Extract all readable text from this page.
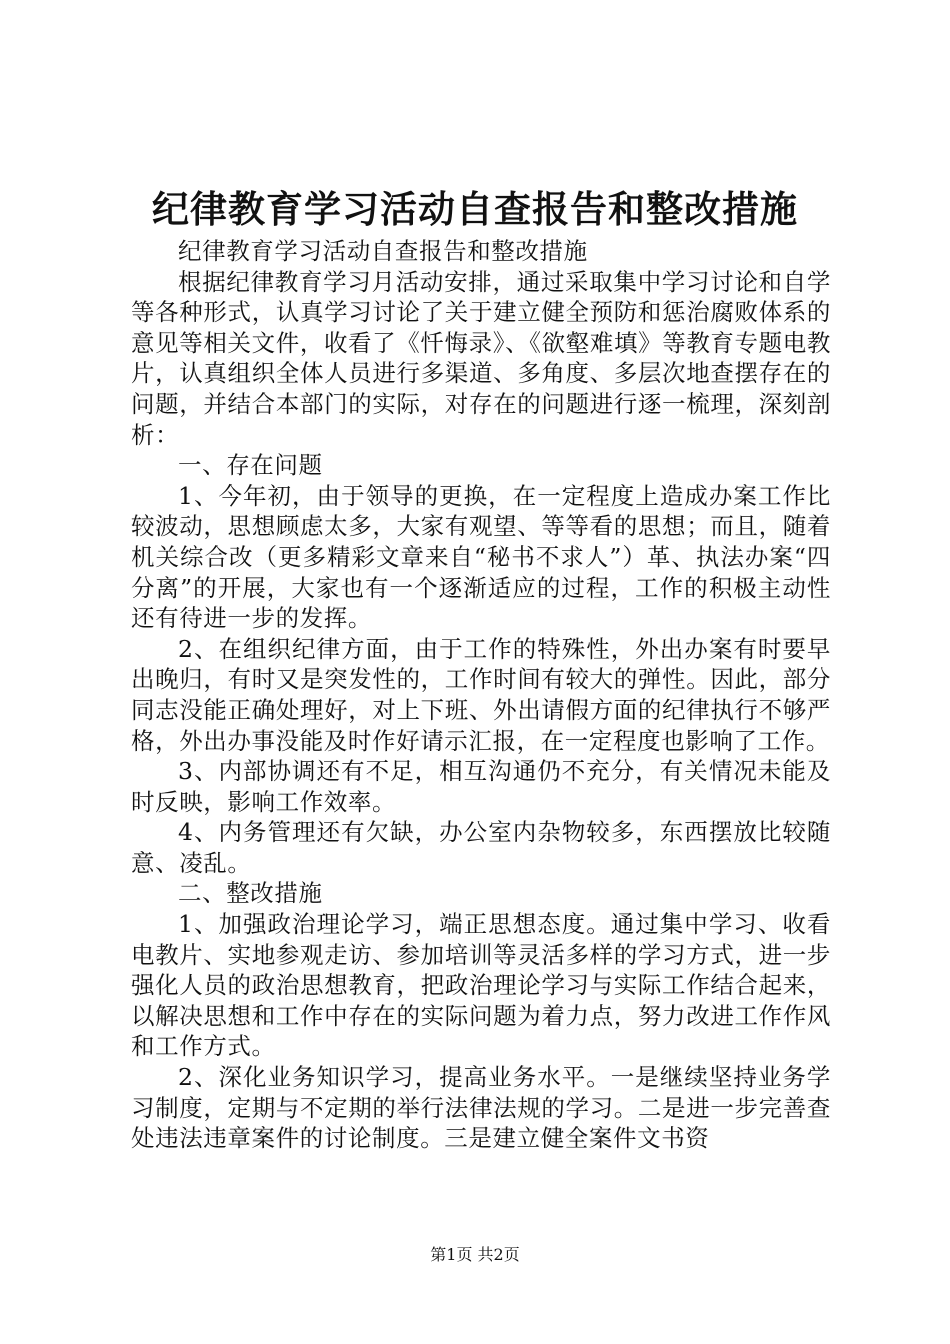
纪律教育学习活动自查报告和整改措施

纪律教育学习活动自查报告和整改措施

根据纪律教育学习月活动安排，通过采取集中学习讨论和自学等各种形式，认真学习讨论了关于建立健全预防和惩治腐败体系的意见等相关文件，收看了《忏悔录》、《欲壑难填》等教育专题电教片，认真组织全体人员进行多渠道、多角度、多层次地查摆存在的问题，并结合本部门的实际，对存在的问题进行逐一梳理，深刻剖析：

一、存在问题

1、今年初，由于领导的更换，在一定程度上造成办案工作比较波动，思想顾虑太多，大家有观望、等等看的思想；而且，随着机关综合改（更多精彩文章来自“秘书不求人”）革、执法办案“四分离”的开展，大家也有一个逐渐适应的过程，工作的积极主动性还有待进一步的发挥。

2、在组织纪律方面，由于工作的特殊性，外出办案有时要早出晚归，有时又是突发性的，工作时间有较大的弹性。因此，部分同志没能正确处理好，对上下班、外出请假方面的纪律执行不够严格，外出办事没能及时作好请示汇报，在一定程度也影响了工作。

3、内部协调还有不足，相互沟通仍不充分，有关情况未能及时反映，影响工作效率。

4、内务管理还有欠缺，办公室内杂物较多，东西摆放比较随意、凌乱。

二、整改措施

1、加强政治理论学习，端正思想态度。通过集中学习、收看电教片、实地参观走访、参加培训等灵活多样的学习方式，进一步强化人员的政治思想教育，把政治理论学习与实际工作结合起来，以解决思想和工作中存在的实际问题为着力点，努力改进工作作风和工作方式。

2、深化业务知识学习，提高业务水平。一是继续坚持业务学习制度，定期与不定期的举行法律法规的学习。二是进一步完善查处违法违章案件的讨论制度。三是建立健全案件文书资

第1页 共2页
